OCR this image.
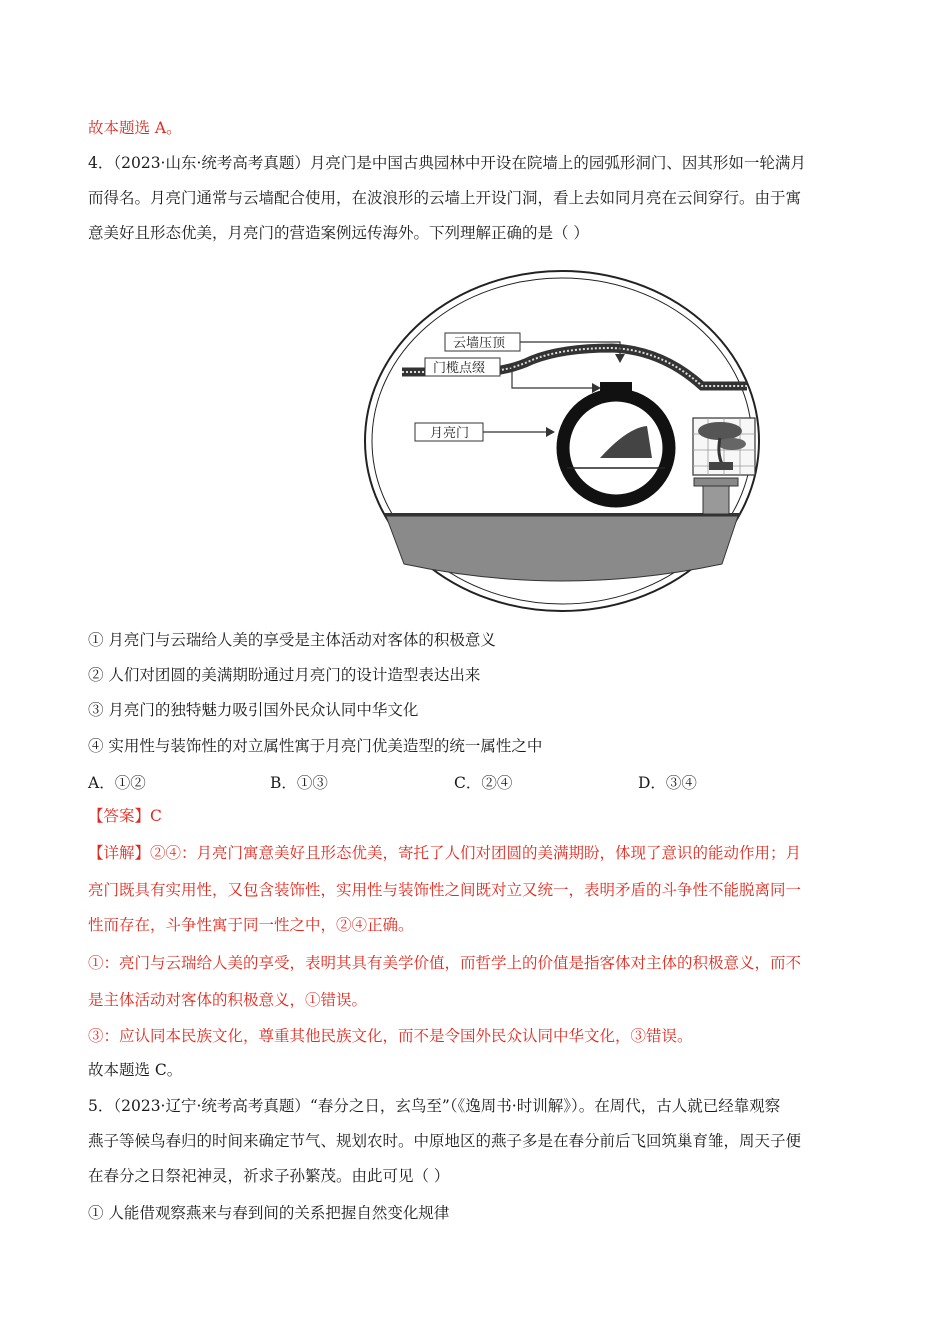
故本题选 A。
4．（2023·山东·统考高考真题）月亮门是中国古典园林中开设在院墙上的园弧形洞门、因其形如一轮满月
而得名。月亮门通常与云墙配合使用，在波浪形的云墙上开设门洞，看上去如同月亮在云间穿行。由于寓
意美好且形态优美，月亮门的营造案例远传海外。下列理解正确的是（ ）
云墙压顶
门榄点缀
月亮门
① 月亮门与云瑞给人美的享受是主体活动对客体的积极意义
② 人们对团圆的美满期盼通过月亮门的设计造型表达出来
③ 月亮门的独特魅力吸引国外民众认同中华文化
④ 实用性与装饰性的对立属性寓于月亮门优美造型的统一属性之中
A．①②	B．①③	C．②④	D．③④
【答案】C
【详解】②④：月亮门寓意美好且形态优美，寄托了人们对团圆的美满期盼，体现了意识的能动作用；月
亮门既具有实用性，又包含装饰性，实用性与装饰性之间既对立又统一，表明矛盾的斗争性不能脱离同一
性而存在，斗争性寓于同一性之中，②④正确。
①：亮门与云瑞给人美的享受，表明其具有美学价值，而哲学上的价值是指客体对主体的积极意义，而不
是主体活动对客体的积极意义，①错误。
③：应认同本民族文化，尊重其他民族文化，而不是令国外民众认同中华文化，③错误。
故本题选 C。
5．（2023·辽宁·统考高考真题）“春分之日，玄鸟至”（《逸周书·时训解》）。在周代，古人就已经靠观察
燕子等候鸟春归的时间来确定节气、规划农时。中原地区的燕子多是在春分前后飞回筑巢育雏，周天子便
在春分之日祭祀神灵，祈求子孙繁茂。由此可见（ ）
① 人能借观察燕来与春到间的关系把握自然变化规律
